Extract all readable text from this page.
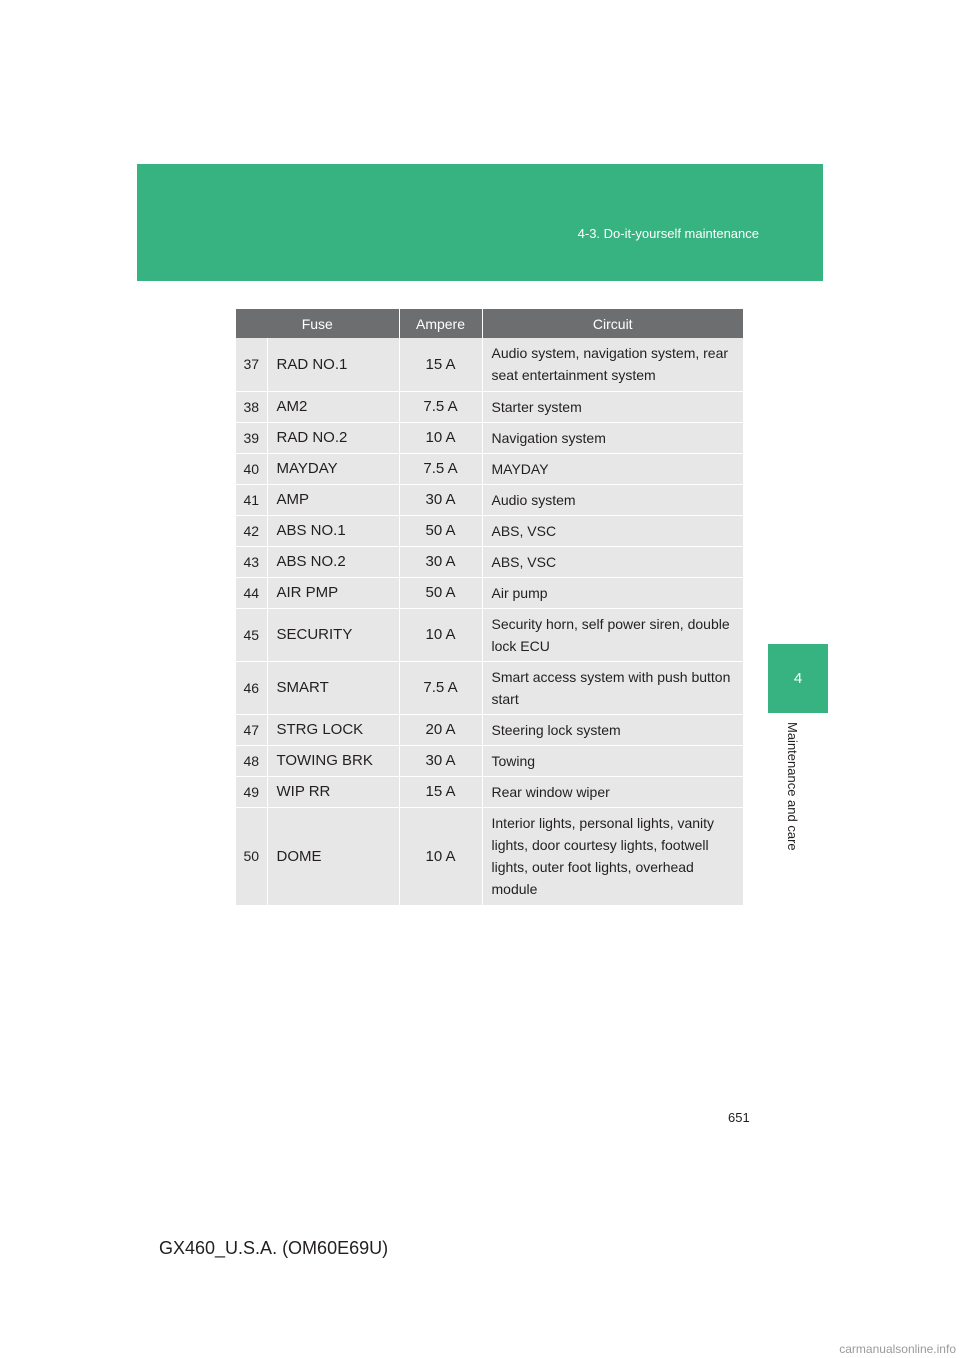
4-3. Do-it-yourself maintenance
4
Maintenance and care
Fuse		Ampere	Circuit
37	RAD NO.1	15 A	Audio system, navigation system, rear seat entertainment system
38	AM2	7.5 A	Starter system
39	RAD NO.2	10 A	Navigation system
40	MAYDAY	7.5 A	MAYDAY
41	AMP	30 A	Audio system
42	ABS NO.1	50 A	ABS, VSC
43	ABS NO.2	30 A	ABS, VSC
44	AIR PMP	50 A	Air pump
45	SECURITY	10 A	Security horn, self power siren, double lock ECU
46	SMART	7.5 A	Smart access system with push button start
47	STRG LOCK	20 A	Steering lock system
48	TOWING BRK	30 A	Towing
49	WIP RR	15 A	Rear window wiper
50	DOME	10 A	Interior lights, personal lights, vanity lights, door courtesy lights, footwell lights, outer foot lights, overhead module
651
GX460_U.S.A. (OM60E69U)
carmanualsonline.info
